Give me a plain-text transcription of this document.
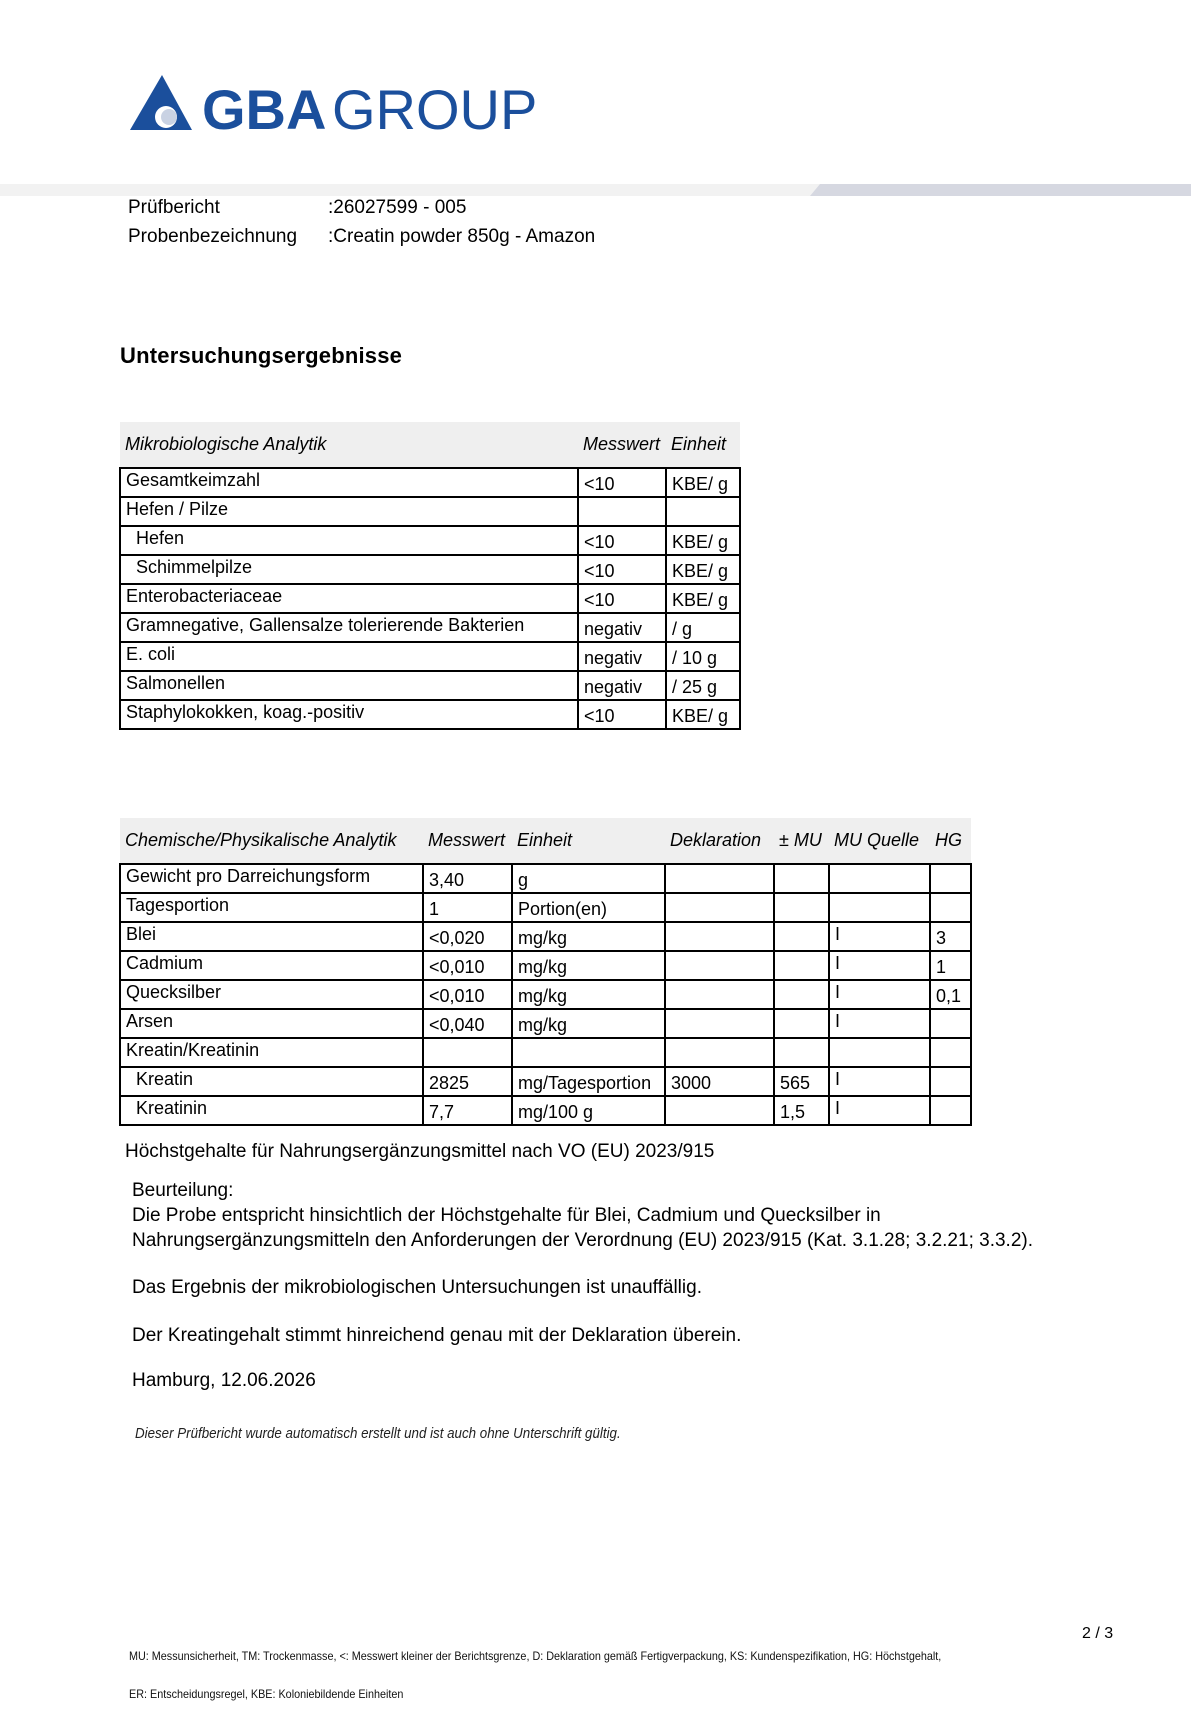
GBA GROUP
Prüfbericht	:26027599 - 005
Probenbezeichnung :Creatin powder 850g - Amazon
Untersuchungsergebnisse
Mikrobiologische Analytik	Messwert	Einheit
Gesamtkeimzahl	<10	KBE/ g
Hefen / Pilze		
Hefen	<10	KBE/ g
Schimmelpilze	<10	KBE/ g
Enterobacteriaceae	<10	KBE/ g
Gramnegative, Gallensalze tolerierende Bakterien	negativ	/ g
E. coli	negativ	/ 10 g
Salmonellen	negativ	/ 25 g
Staphylokokken, koag.-positiv	<10	KBE/ g
Chemische/Physikalische Analytik	Messwert	Einheit	Deklaration	± MU	MU Quelle	HG
Gewicht pro Darreichungsform	3,40	g				
Tagesportion	1	Portion(en)				
Blei	<0,020	mg/kg			I	3
Cadmium	<0,010	mg/kg			I	1
Quecksilber	<0,010	mg/kg			I	0,1
Arsen	<0,040	mg/kg			I	
Kreatin/Kreatinin						
Kreatin	2825	mg/Tagesportion	3000	565	I	
Kreatinin	7,7	mg/100 g		1,5	I	
Höchstgehalte für Nahrungsergänzungsmittel nach VO (EU) 2023/915
Beurteilung:
Die Probe entspricht hinsichtlich der Höchstgehalte für Blei, Cadmium und Quecksilber in
Nahrungsergänzungsmitteln den Anforderungen der Verordnung (EU) 2023/915 (Kat. 3.1.28; 3.2.21; 3.3.2).
Das Ergebnis der mikrobiologischen Untersuchungen ist unauffällig.
Der Kreatingehalt stimmt hinreichend genau mit der Deklaration überein.
Hamburg, 12.06.2026
Dieser Prüfbericht wurde automatisch erstellt und ist auch ohne Unterschrift gültig.

MU: Messunsicherheit, TM: Trockenmasse, <: Messwert kleiner der Berichtsgrenze, D: Deklaration gemäß Fertigverpackung, KS: Kundenspezifikation, HG: Höchstgehalt,

ER: Entscheidungsregel, KBE: Koloniebildende Einheiten

2 / 3
